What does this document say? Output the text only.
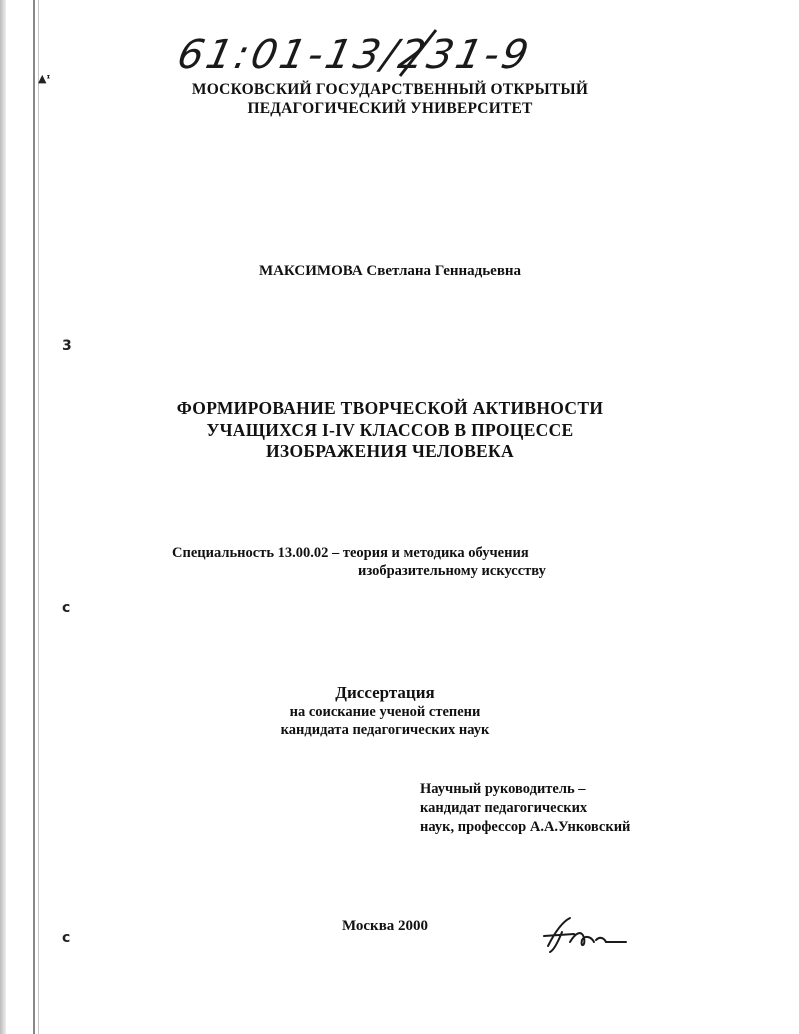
3
c
c
▲ᶦ
61:01-13/231-9
МОСКОВСКИЙ ГОСУДАРСТВЕННЫЙ ОТКРЫТЫЙ
ПЕДАГОГИЧЕСКИЙ УНИВЕРСИТЕТ
МАКСИМОВА Светлана Геннадьевна
ФОРМИРОВАНИЕ ТВОРЧЕСКОЙ АКТИВНОСТИ
УЧАЩИХСЯ I-IV КЛАССОВ В ПРОЦЕССЕ
ИЗОБРАЖЕНИЯ ЧЕЛОВЕКА
Специальность 13.00.02 – теория и методика обучения
изобразительному искусству
Диссертация
на соискание ученой степени
кандидата педагогических наук
Научный руководитель –
кандидат педагогических
наук, профессор А.А.Унковский
Москва 2000
